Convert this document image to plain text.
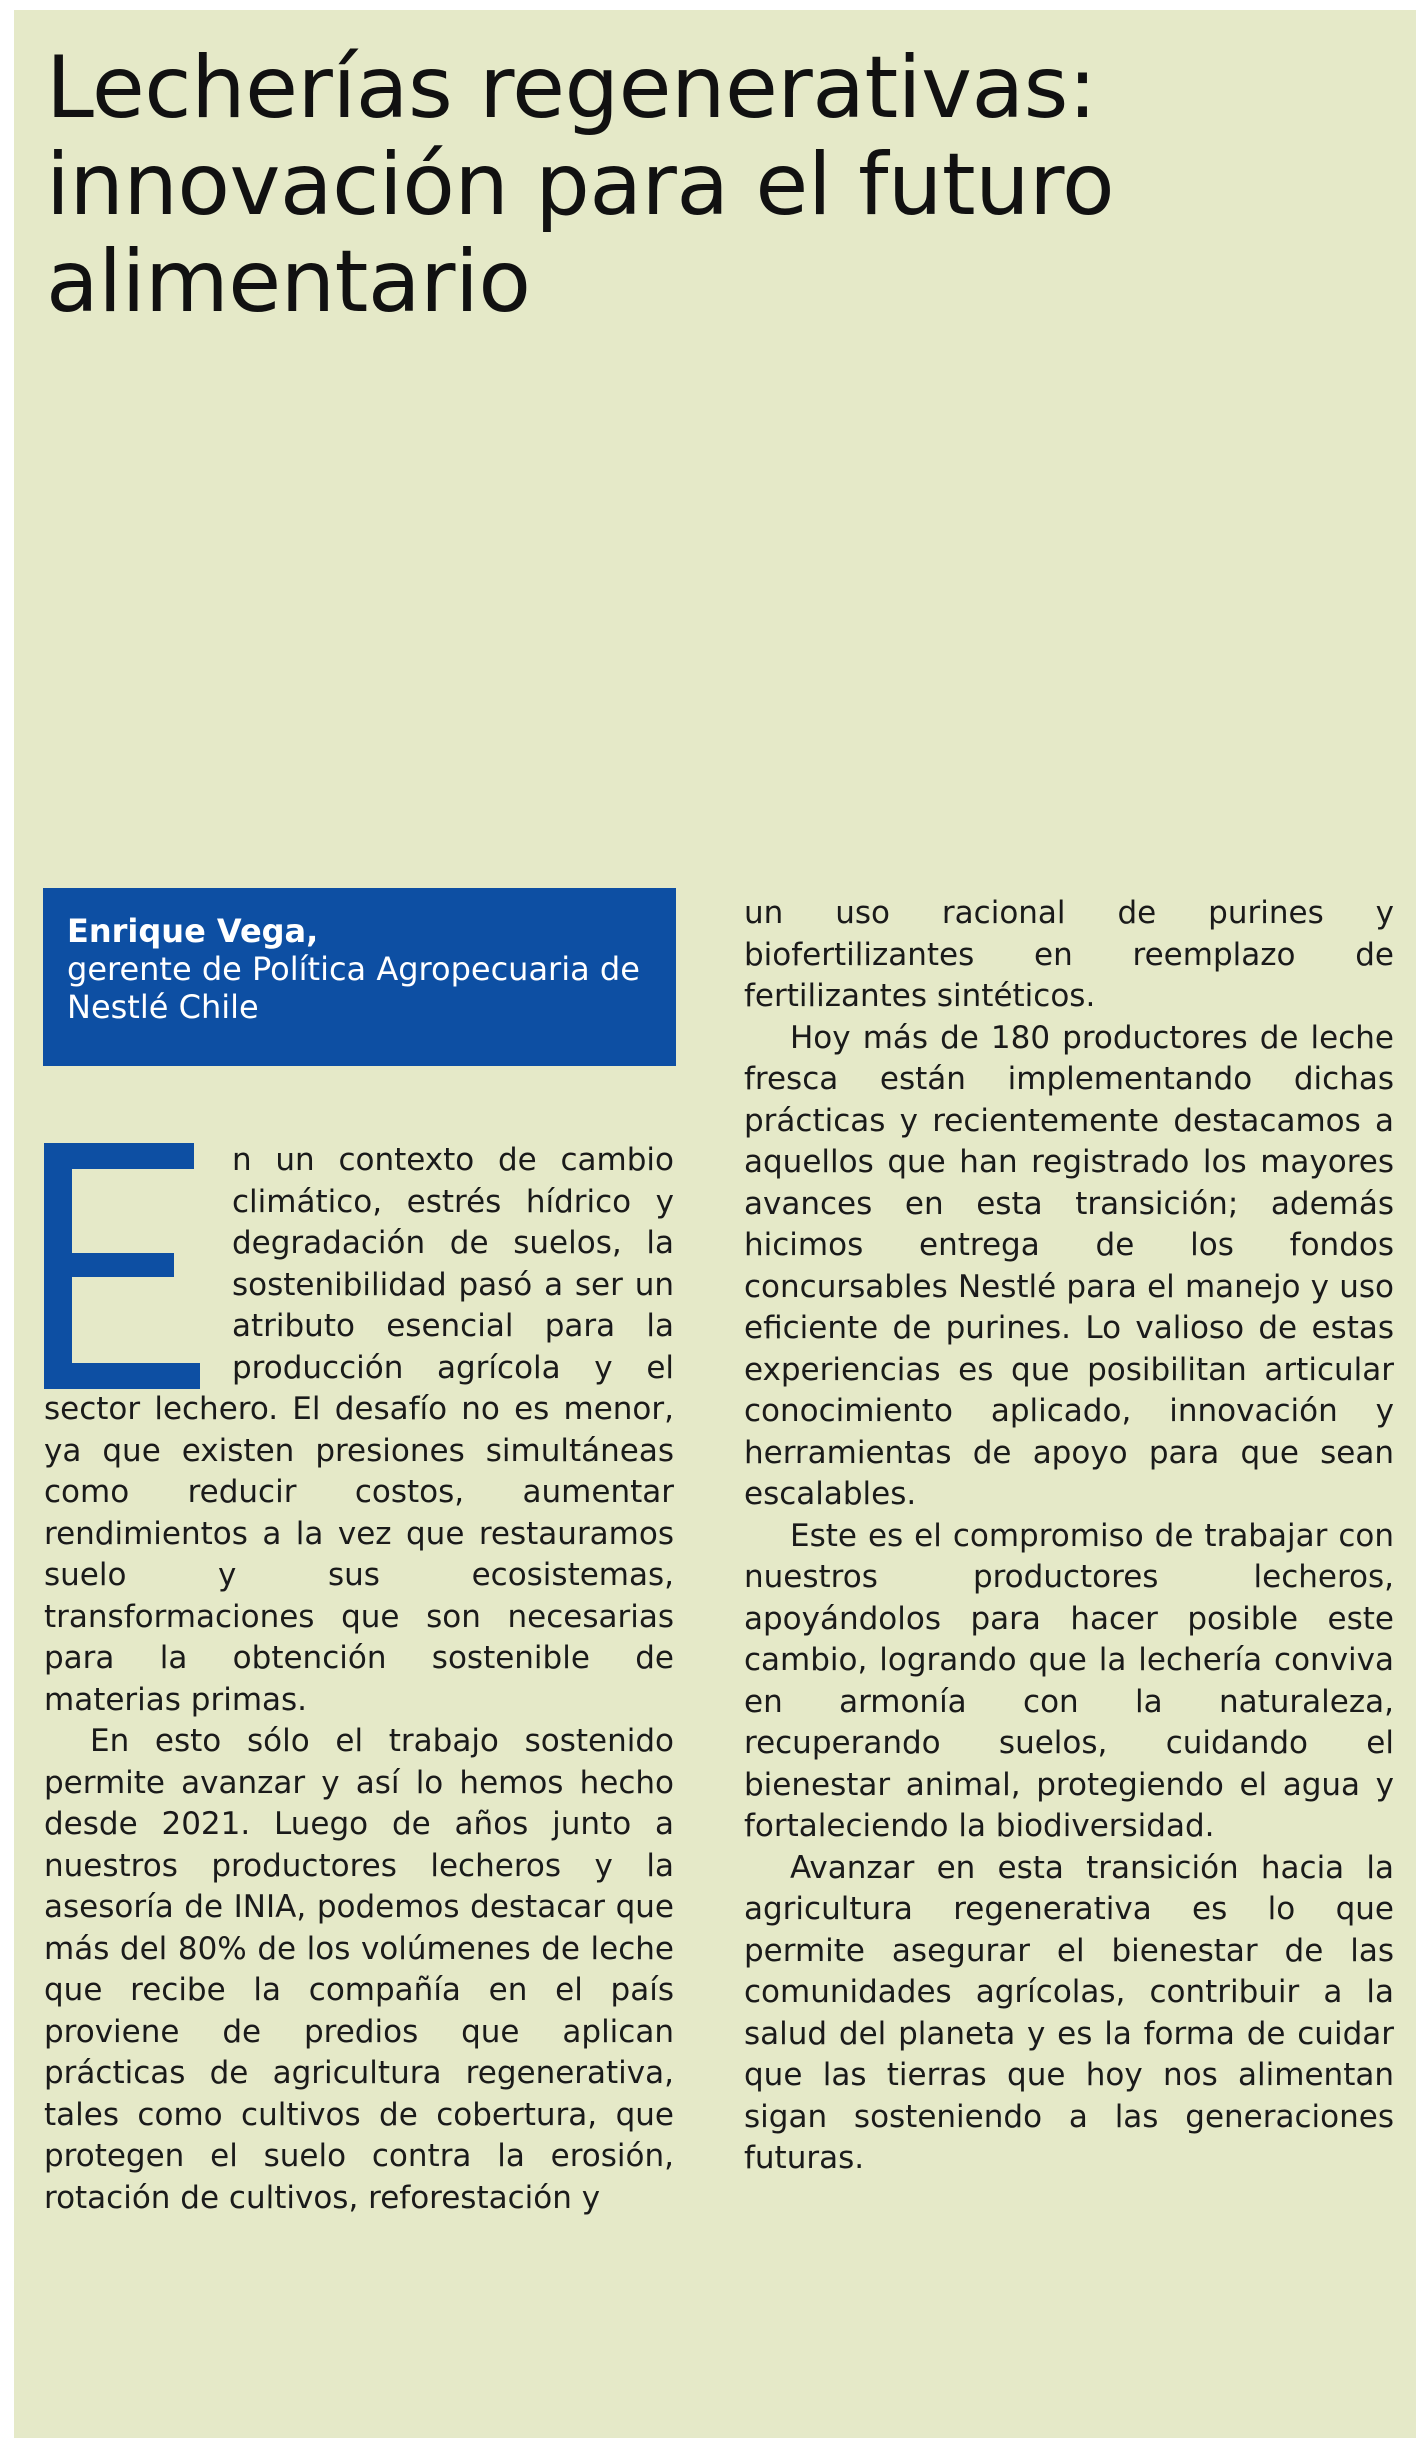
Lecherías regenerativas:
innovación para el futuro
alimentario
Enrique Vega,
gerente de Política Agropecuaria de Nestlé Chile

n un contexto de cambio climático, estrés hídrico y degradación de suelos, la sostenibilidad pasó a ser un atributo esencial para la producción agrícola y el sector lechero. El desafío no es menor, ya que existen presiones simultáneas como reducir costos, aumentar rendimientos a la vez que restauramos suelo y sus ecosistemas, transformaciones que son necesarias para la obtención sostenible de materias primas.

En esto sólo el trabajo sostenido permite avanzar y así lo hemos hecho desde 2021. Luego de años junto a nuestros productores lecheros y la asesoría de INIA, podemos destacar que más del 80% de los volúmenes de leche que recibe la compañía en el país proviene de predios que aplican prácticas de agricultura regenerativa, tales como cultivos de cobertura, que protegen el suelo contra la erosión, rotación de cultivos, reforestación y

un uso racional de purines y biofertilizantes en reemplazo de fertilizantes sintéticos.

Hoy más de 180 productores de leche fresca están implementando dichas prácticas y recientemente destacamos a aquellos que han registrado los mayores avances en esta transición; además hicimos entrega de los fondos concursables Nestlé para el manejo y uso eficiente de purines. Lo valioso de estas experiencias es que posibilitan articular conocimiento aplicado, innovación y herramientas de apoyo para que sean escalables.

Este es el compromiso de trabajar con nuestros productores lecheros, apoyándolos para hacer posible este cambio, logrando que la lechería conviva en armonía con la naturaleza, recuperando suelos, cuidando el bienestar animal, protegiendo el agua y fortaleciendo la biodiversidad.

Avanzar en esta transición hacia la agricultura regenerativa es lo que permite asegurar el bienestar de las comunidades agrícolas, contribuir a la salud del planeta y es la forma de cuidar que las tierras que hoy nos alimentan sigan sosteniendo a las generaciones futuras.
